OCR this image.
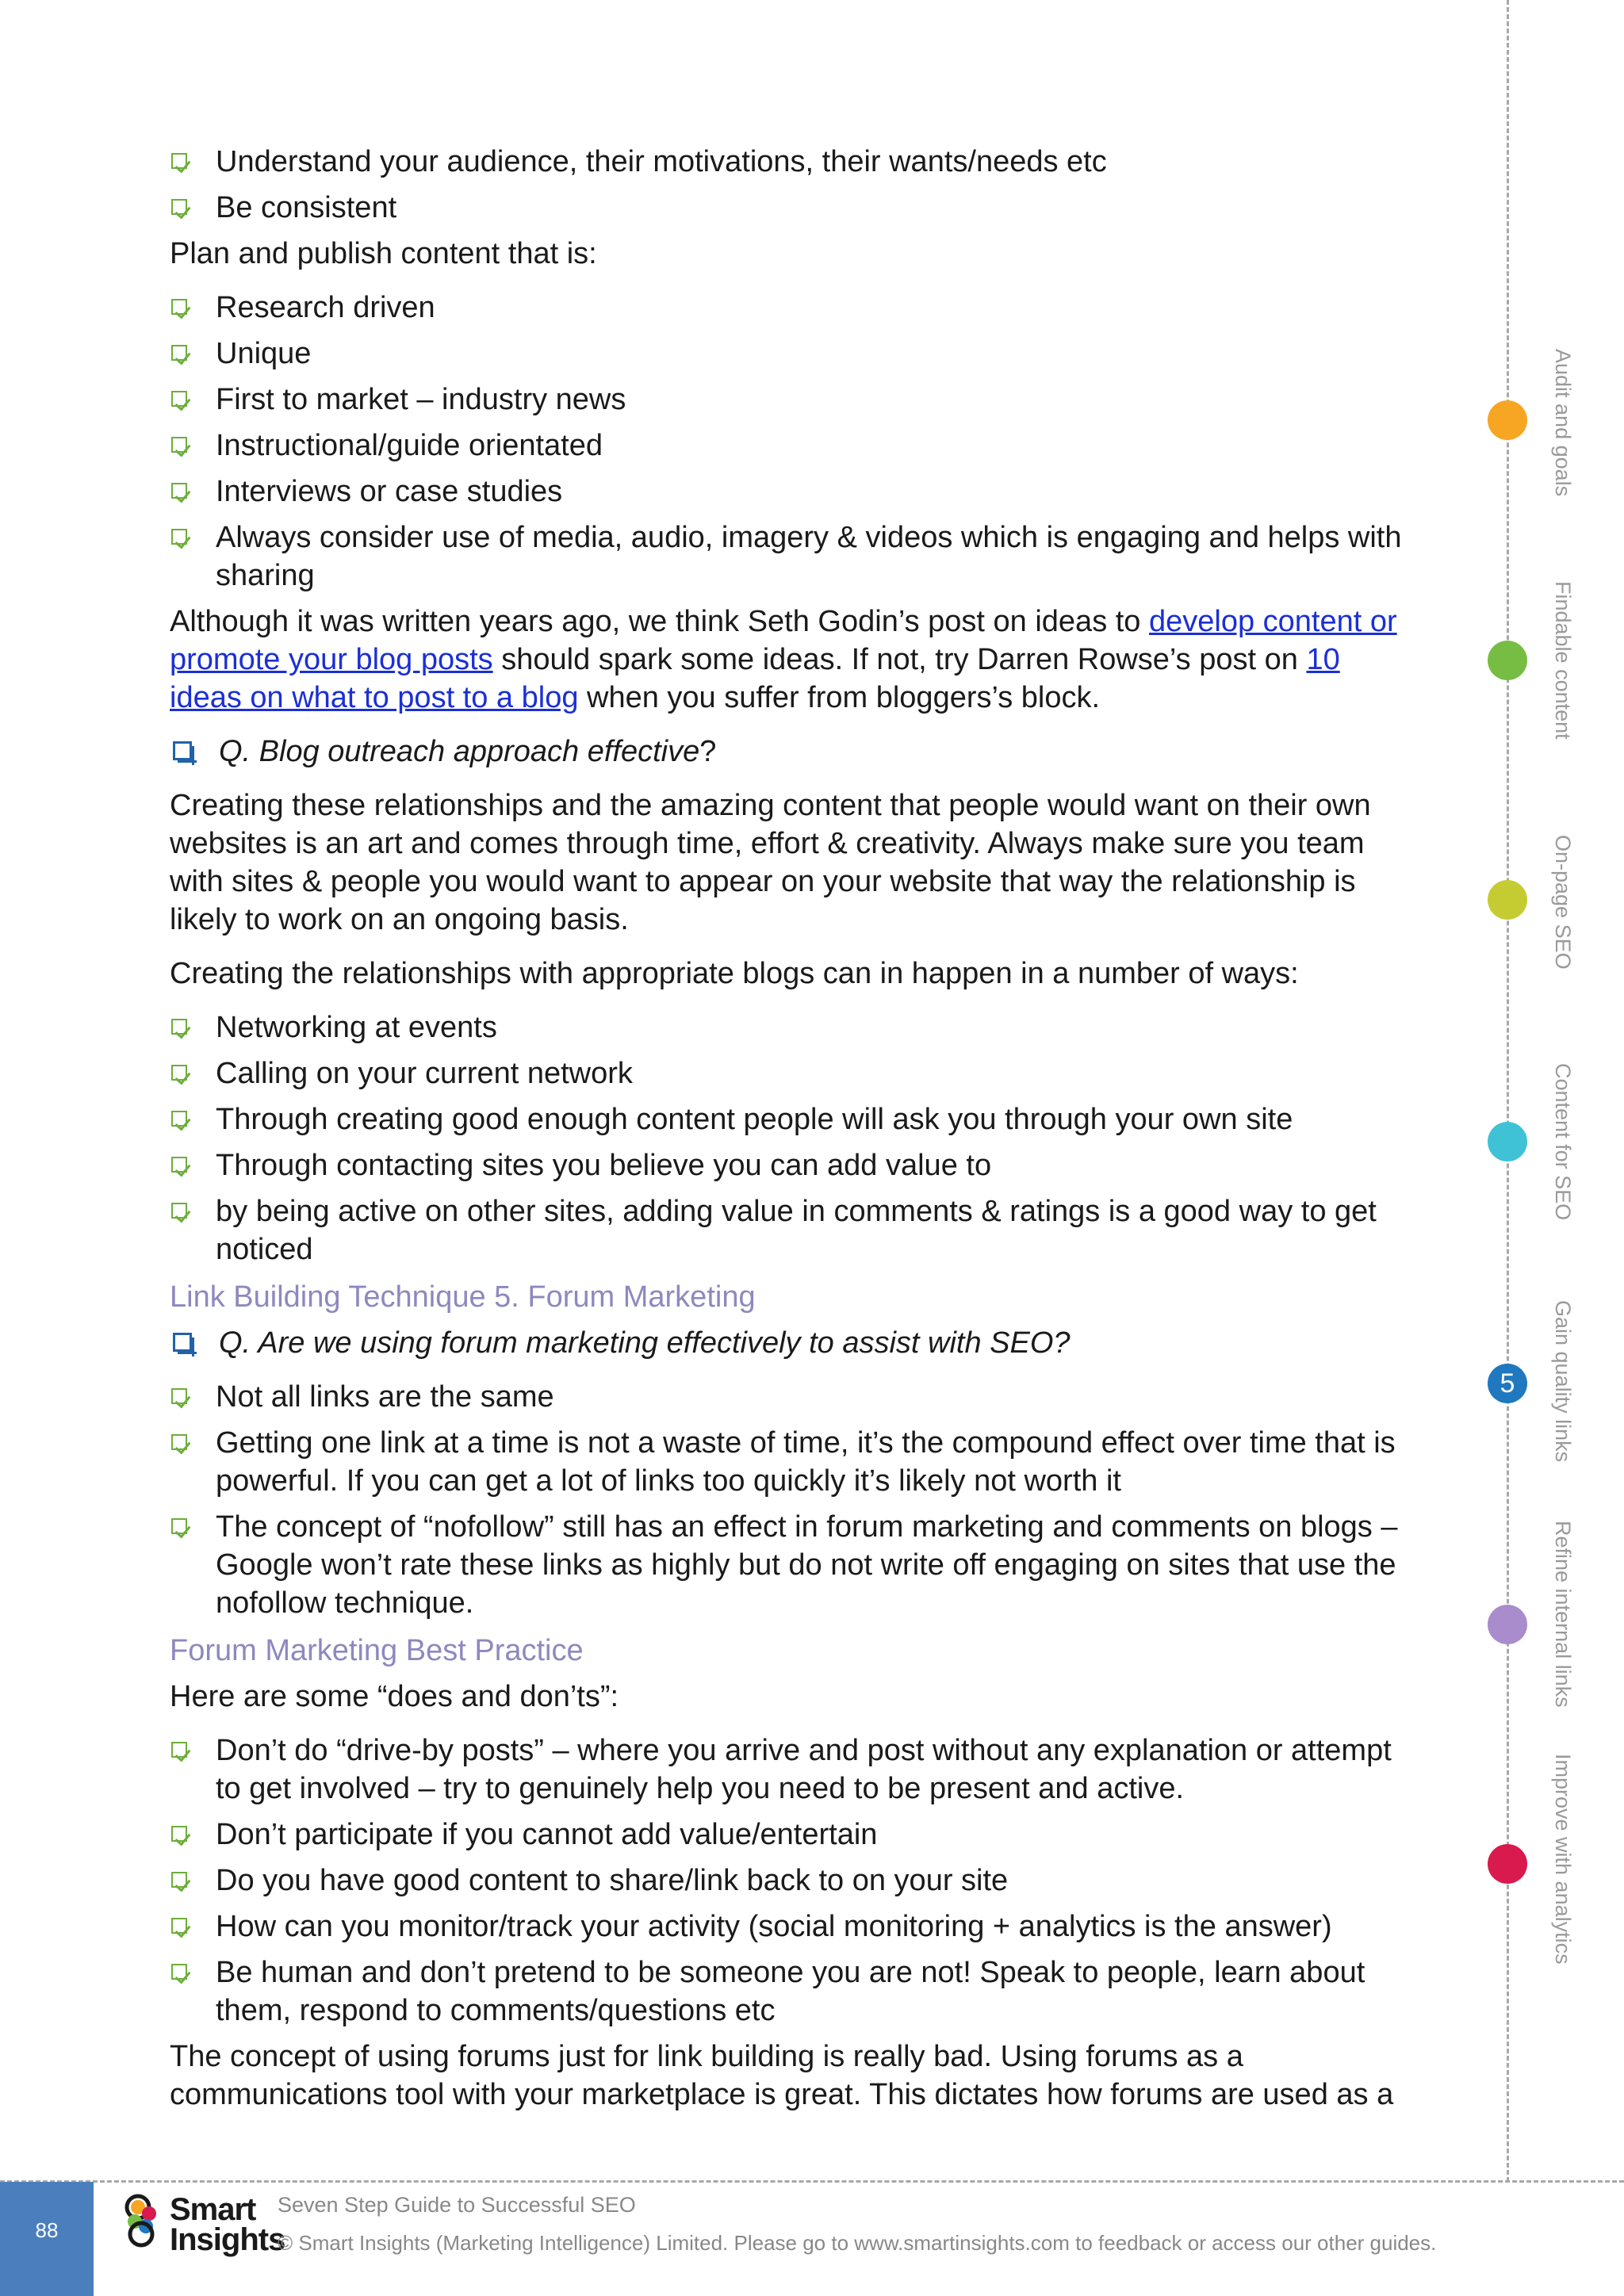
Understand your audience, their motivations, their wants/needs etc
Be consistent

Plan and publish content that is:

Research driven
Unique
First to market – industry news
Instructional/guide orientated
Interviews or case studies
Always consider use of media, audio, imagery & videos which is engaging and helps with sharing

Although it was written years ago, we think Seth Godin’s post on ideas to develop content or promote your blog posts should spark some ideas. If not, try Darren Rowse’s post on 10 ideas on what to post to a blog when you suffer from bloggers’s block.

Q. Blog outreach approach effective?

Creating these relationships and the amazing content that people would want on their own websites is an art and comes through time, effort & creativity. Always make sure you team with sites & people you would want to appear on your website that way the relationship is likely to work on an ongoing basis.

Creating the relationships with appropriate blogs can in happen in a number of ways:

Networking at events
Calling on your current network
Through creating good enough content people will ask you through your own site
Through contacting sites you believe you can add value to
by being active on other sites, adding value in comments & ratings is a good way to get noticed
Link Building Technique 5. Forum Marketing
Q. Are we using forum marketing effectively to assist with SEO?
Not all links are the same
Getting one link at a time is not a waste of time, it’s the compound effect over time that is powerful. If you can get a lot of links too quickly it’s likely not worth it
The concept of “nofollow” still has an effect in forum marketing and comments on blogs – Google won’t rate these links as highly but do not write off engaging on sites that use the nofollow technique.
Forum Marketing Best Practice

Here are some “does and don’ts”:

Don’t do “drive-by posts” – where you arrive and post without any explanation or attempt to get involved – try to genuinely help you need to be present and active.
Don’t participate if you cannot add value/entertain
Do you have good content to share/link back to on your site
How can you monitor/track your activity (social monitoring + analytics is the answer)
Be human and don’t pretend to be someone you are not! Speak to people, learn about them, respond to comments/questions etc

The concept of using forums just for link building is really bad. Using forums as a communications tool with your marketplace is great. This dictates how forums are used as a

Audit and goals
Findable content
On-page SEO
Content for SEO
5	Gain quality links
Refine internal links
Improve with analytics
88
Smart
Insights
Seven Step Guide to Successful SEO
© Smart Insights (Marketing Intelligence) Limited. Please go to www.smartinsights.com to feedback or access our other guides.
